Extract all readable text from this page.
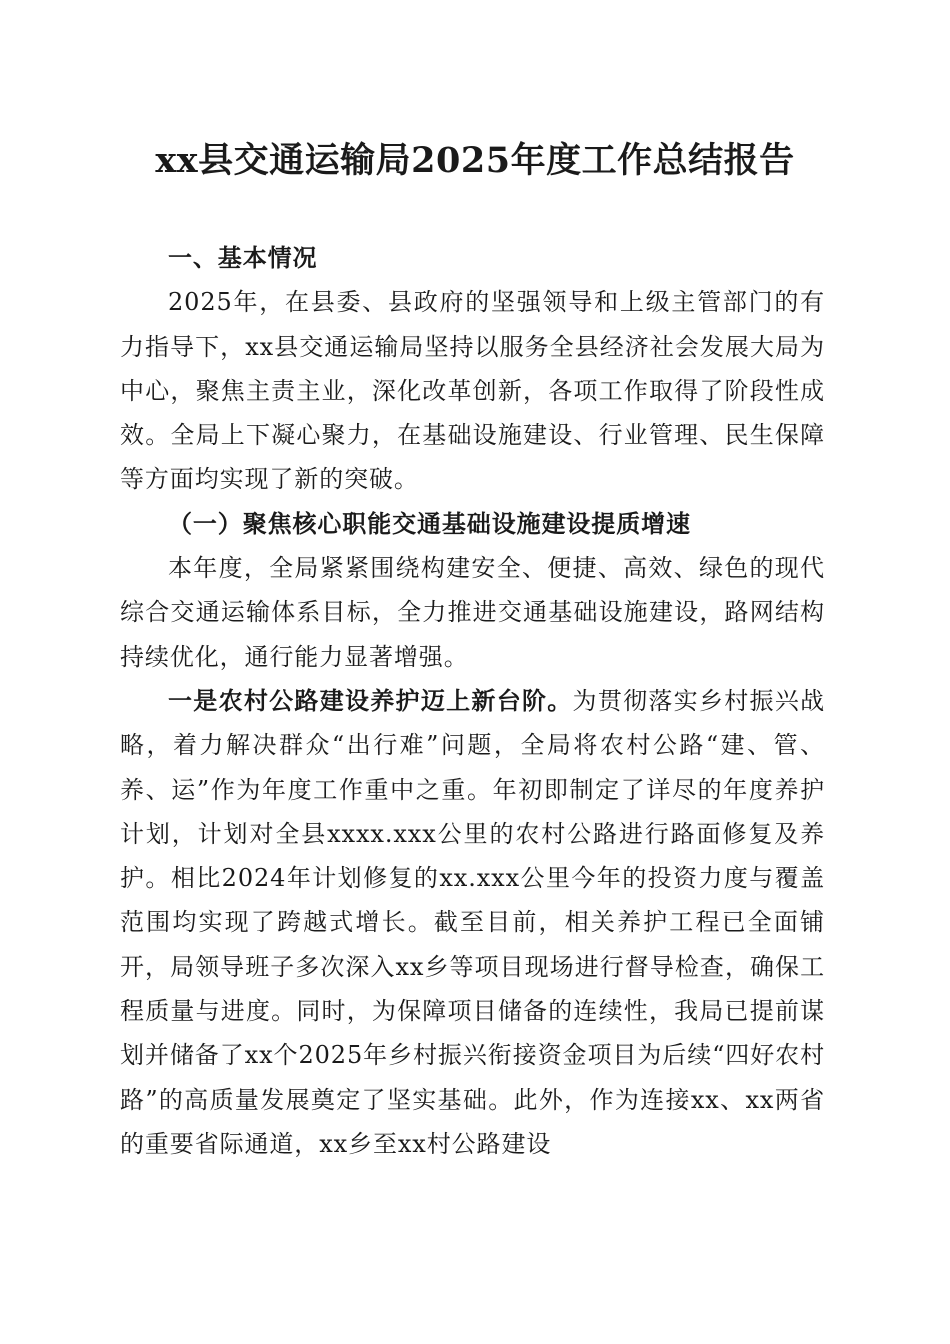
xx县交通运输局2025年度工作总结报告

一、基本情况

2025年，在县委、县政府的坚强领导和上级主管部门的有力指导下，xx县交通运输局坚持以服务全县经济社会发展大局为中心，聚焦主责主业，深化改革创新，各项工作取得了阶段性成效。全局上下凝心聚力，在基础设施建设、行业管理、民生保障等方面均实现了新的突破。

（一）聚焦核心职能交通基础设施建设提质增速

本年度，全局紧紧围绕构建安全、便捷、高效、绿色的现代综合交通运输体系目标，全力推进交通基础设施建设，路网结构持续优化，通行能力显著增强。

一是农村公路建设养护迈上新台阶。为贯彻落实乡村振兴战略，着力解决群众“出行难”问题，全局将农村公路“建、管、养、运”作为年度工作重中之重。年初即制定了详尽的年度养护计划，计划对全县xxxx.xxx公里的农村公路进行路面修复及养护。相比2024年计划修复的xx.xxx公里今年的投资力度与覆盖范围均实现了跨越式增长。截至目前，相关养护工程已全面铺开，局领导班子多次深入xx乡等项目现场进行督导检查，确保工程质量与进度。同时，为保障项目储备的连续性，我局已提前谋划并储备了xx个2025年乡村振兴衔接资金项目为后续“四好农村路”的高质量发展奠定了坚实基础。此外，作为连接xx、xx两省的重要省际通道，xx乡至xx村公路建设
